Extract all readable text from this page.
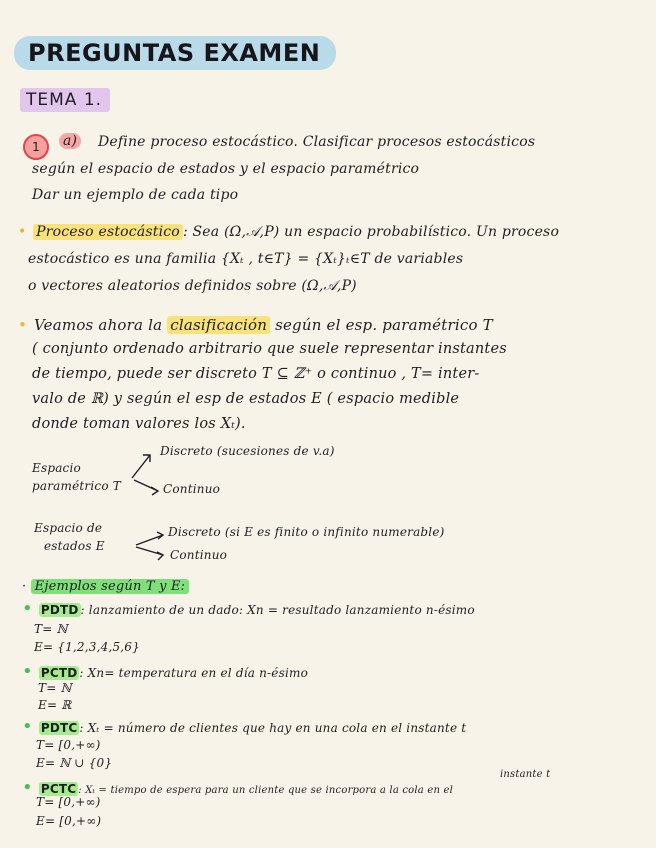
PREGUNTAS EXAMEN
TEMA 1.
1	a) Define proceso estocástico. Clasificar procesos estocásticos
según el espacio de estados y el espacio paramétrico
Dar un ejemplo de cada tipo
• Proceso estocástico : Sea (Ω,𝒜,P) un espacio probabilístico. Un proceso
estocástico es una familia {Xₜ , t∈T} = {Xₜ}ₜ∈T de variables
o vectores aleatorios definidos sobre (Ω,𝒜,P)
• Veamos ahora la clasificación según el esp. paramétrico T
( conjunto ordenado arbitrario que suele representar instantes
de tiempo, puede ser discreto T ⊆ ℤ⁺ o continuo , T= inter-
valo de ℝ) y según el esp de estados E ( espacio medible
donde toman valores los Xₜ).
Espacio
paramétrico T
Discreto (sucesiones de v.a)
Continuo
Espacio de
estados E
Discreto (si E es finito o infinito numerable)
Continuo
· Ejemplos según T y E:
• PDTD : lanzamiento de un dado: Xn = resultado lanzamiento n-ésimo
T= ℕ
E= {1,2,3,4,5,6}
• PCTD : Xn= temperatura en el día n-ésimo
T= ℕ
E= ℝ
• PDTC : Xₜ = número de clientes que hay en una cola en el instante t
T= [0,+∞)
E= ℕ ∪ {0}
• PCTC : Xₜ = tiempo de espera para un cliente que se incorpora a la cola en el
instante t
T= [0,+∞)
E= [0,+∞)
